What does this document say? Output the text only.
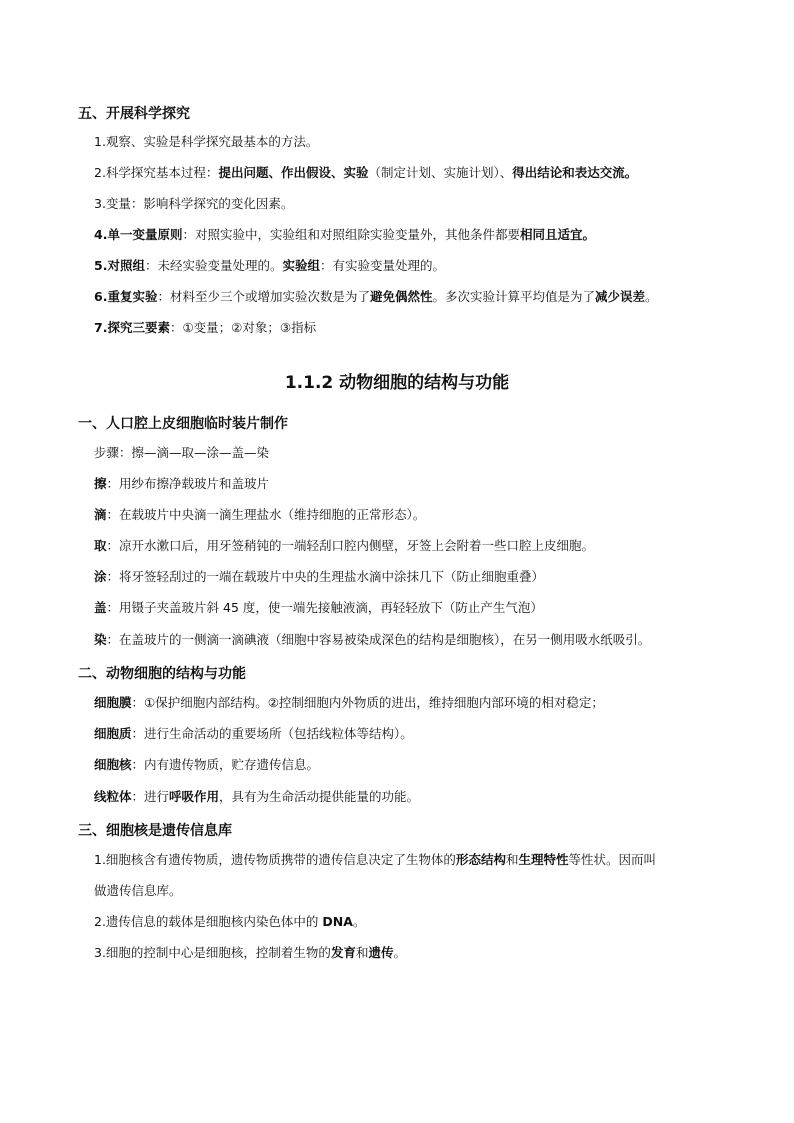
五、开展科学探究
1.观察、实验是科学探究最基本的方法。
2.科学探究基本过程：提出问题、作出假设、实验（制定计划、实施计划）、得出结论和表达交流。
3.变量：影响科学探究的变化因素。
4.单一变量原则：对照实验中，实验组和对照组除实验变量外，其他条件都要相同且适宜。
5.对照组：未经实验变量处理的。实验组：有实验变量处理的。
6.重复实验：材料至少三个或增加实验次数是为了避免偶然性。多次实验计算平均值是为了减少误差。
7.探究三要素：①变量；②对象；③指标
1.1.2 动物细胞的结构与功能
一、人口腔上皮细胞临时装片制作
步骤：擦—滴—取—涂—盖—染
擦：用纱布擦净载玻片和盖玻片
滴：在载玻片中央滴一滴生理盐水（维持细胞的正常形态）。
取：凉开水漱口后，用牙签稍钝的一端轻刮口腔内侧壁，牙签上会附着一些口腔上皮细胞。
涂：将牙签轻刮过的一端在载玻片中央的生理盐水滴中涂抹几下（防止细胞重叠）
盖：用镊子夹盖玻片斜 45 度，使一端先接触液滴，再轻轻放下（防止产生气泡）
染：在盖玻片的一侧滴一滴碘液（细胞中容易被染成深色的结构是细胞核），在另一侧用吸水纸吸引。
二、动物细胞的结构与功能
细胞膜：①保护细胞内部结构。②控制细胞内外物质的进出，维持细胞内部环境的相对稳定；
细胞质：进行生命活动的重要场所（包括线粒体等结构）。
细胞核：内有遗传物质，贮存遗传信息。
线粒体：进行呼吸作用，具有为生命活动提供能量的功能。
三、细胞核是遗传信息库
1.细胞核含有遗传物质，遗传物质携带的遗传信息决定了生物体的形态结构和生理特性等性状。因而叫
做遗传信息库。
2.遗传信息的载体是细胞核内染色体中的 DNA。
3.细胞的控制中心是细胞核，控制着生物的发育和遗传。
